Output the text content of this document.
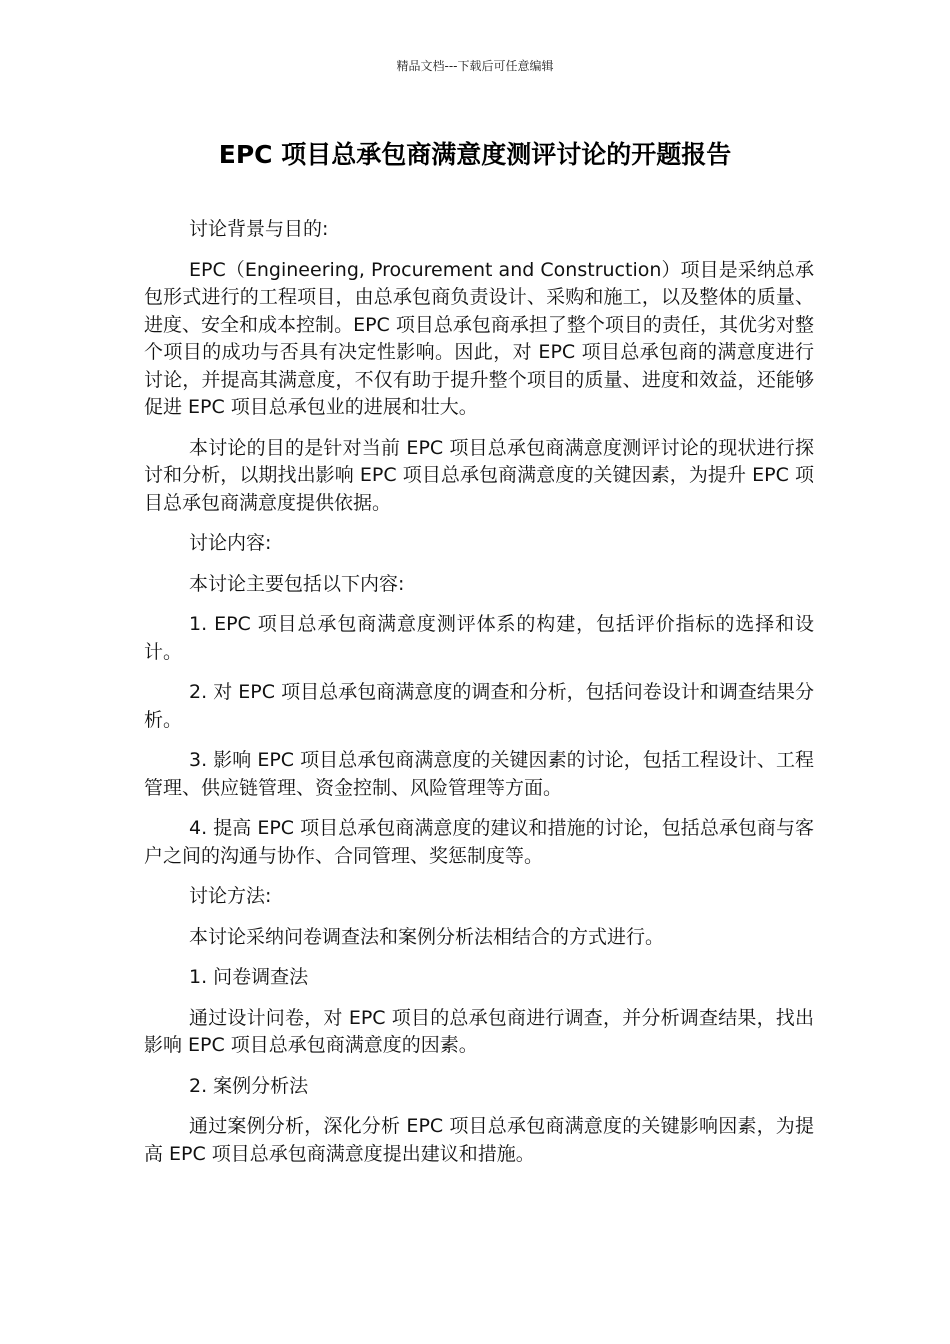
精品文档---下载后可任意编辑
EPC 项目总承包商满意度测评讨论的开题报告

讨论背景与目的:

EPC（Engineering, Procurement and Construction）项目是采纳总承包形式进行的工程项目，由总承包商负责设计、采购和施工，以及整体的质量、进度、安全和成本控制。EPC 项目总承包商承担了整个项目的责任，其优劣对整个项目的成功与否具有决定性影响。因此，对 EPC 项目总承包商的满意度进行讨论，并提高其满意度，不仅有助于提升整个项目的质量、进度和效益，还能够促进 EPC 项目总承包业的进展和壮大。

本讨论的目的是针对当前 EPC 项目总承包商满意度测评讨论的现状进行探讨和分析，以期找出影响 EPC 项目总承包商满意度的关键因素，为提升 EPC 项目总承包商满意度提供依据。

讨论内容:

本讨论主要包括以下内容:

1. EPC 项目总承包商满意度测评体系的构建，包括评价指标的选择和设计。

2. 对 EPC 项目总承包商满意度的调查和分析，包括问卷设计和调查结果分析。

3. 影响 EPC 项目总承包商满意度的关键因素的讨论，包括工程设计、工程管理、供应链管理、资金控制、风险管理等方面。

4. 提高 EPC 项目总承包商满意度的建议和措施的讨论，包括总承包商与客户之间的沟通与协作、合同管理、奖惩制度等。

讨论方法:

本讨论采纳问卷调查法和案例分析法相结合的方式进行。

1. 问卷调查法

通过设计问卷，对 EPC 项目的总承包商进行调查，并分析调查结果，找出影响 EPC 项目总承包商满意度的因素。

2. 案例分析法

通过案例分析，深化分析 EPC 项目总承包商满意度的关键影响因素，为提高 EPC 项目总承包商满意度提出建议和措施。
